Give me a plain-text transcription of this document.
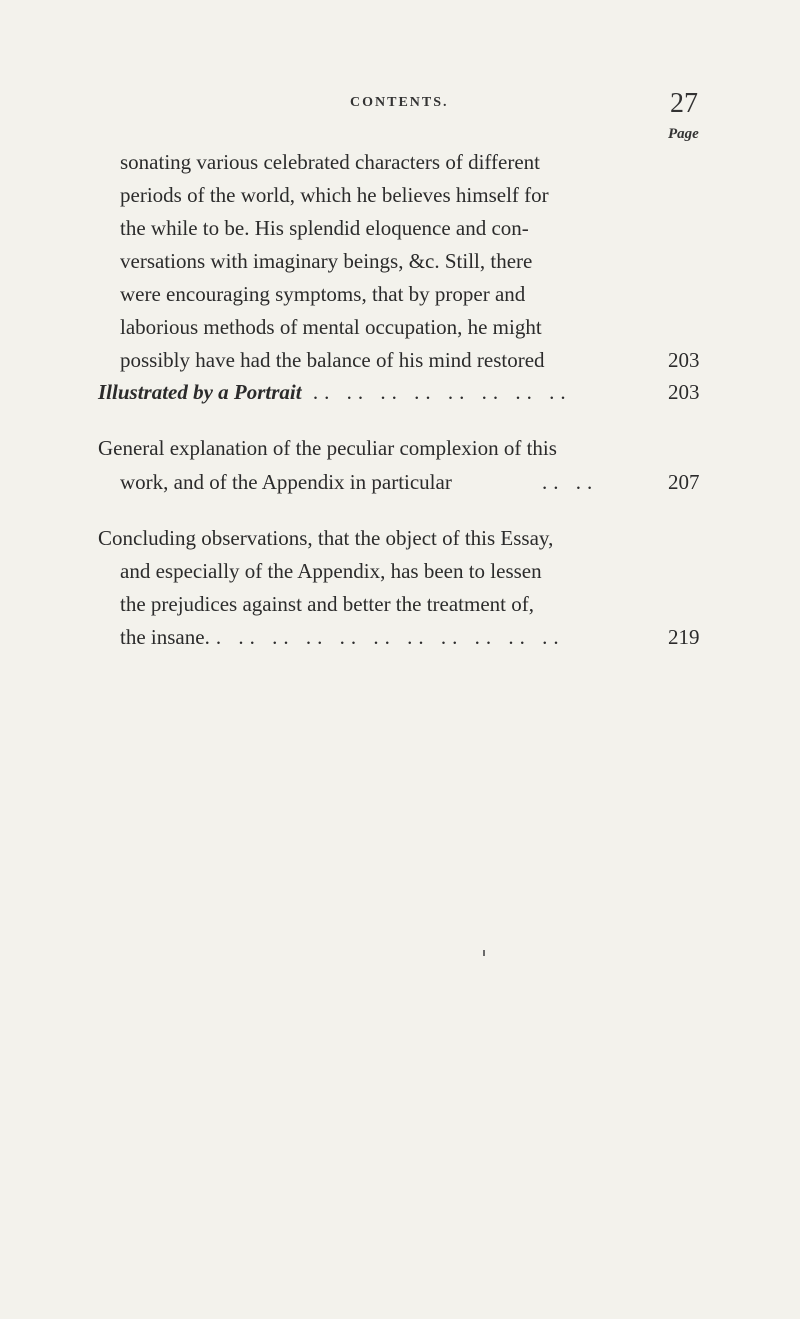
CONTENTS.	27
Page
sonating various celebrated characters of different
periods of the world, which he believes himself for
the while to be. His splendid eloquence and con-
versations with imaginary beings, &c. Still, there
were encouraging symptoms, that by proper and
laborious methods of mental occupation, he might
possibly have had the balance of his mind restored	203
Illustrated by a Portrait .. .. .. .. .. .. .. ..	203
General explanation of the peculiar complexion of this
work, and of the Appendix in particular	.. ..	207
Concluding observations, that the object of this Essay,
and especially of the Appendix, has been to lessen
the prejudices against and better the treatment of,
the insane.. .. .. .. .. .. .. .. .. .. ..	219
